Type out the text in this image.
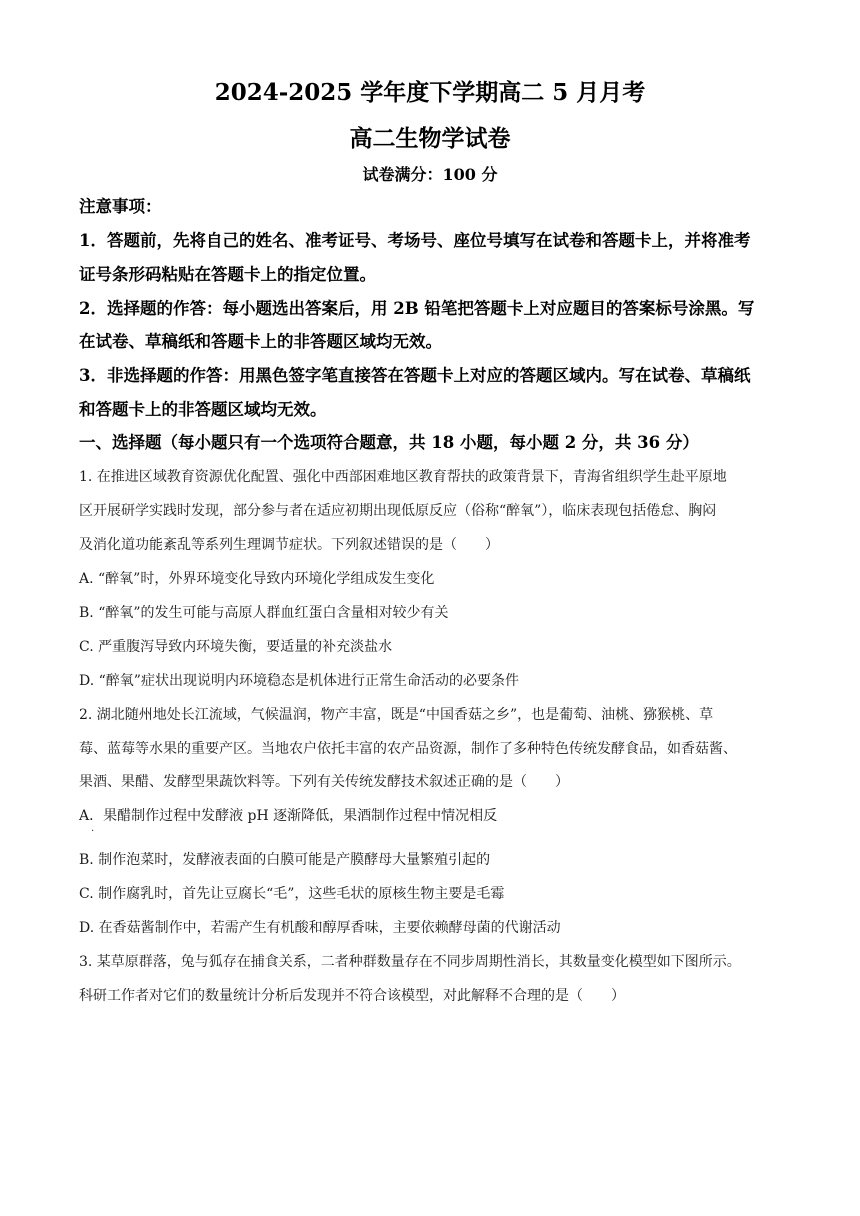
2024-2025 学年度下学期高二 5 月月考
高二生物学试卷
试卷满分：100 分
注意事项：
1．答题前，先将自己的姓名、准考证号、考场号、座位号填写在试卷和答题卡上，并将准考
证号条形码粘贴在答题卡上的指定位置。
2．选择题的作答：每小题选出答案后，用 2B 铅笔把答题卡上对应题目的答案标号涂黑。写
在试卷、草稿纸和答题卡上的非答题区域均无效。
3．非选择题的作答：用黑色签字笔直接答在答题卡上对应的答题区域内。写在试卷、草稿纸
和答题卡上的非答题区域均无效。
一、选择题（每小题只有一个选项符合题意，共 18 小题，每小题 2 分，共 36 分）
1. 在推进区域教育资源优化配置、强化中西部困难地区教育帮扶的政策背景下，青海省组织学生赴平原地
区开展研学实践时发现，部分参与者在适应初期出现低原反应（俗称“醉氧”），临床表现包括倦怠、胸闷
及消化道功能紊乱等系列生理调节症状。下列叙述错误的是（　　）
A. “醉氧”时，外界环境变化导致内环境化学组成发生变化
B. “醉氧”的发生可能与高原人群血红蛋白含量相对较少有关
C. 严重腹泻导致内环境失衡，要适量的补充淡盐水
D. “醉氧”症状出现说明内环境稳态是机体进行正常生命活动的必要条件
2. 湖北随州地处长江流域，气候温润，物产丰富，既是“中国香菇之乡”，也是葡萄、油桃、猕猴桃、草
莓、蓝莓等水果的重要产区。当地农户依托丰富的农产品资源，制作了多种特色传统发酵食品，如香菇酱、
果酒、果醋、发酵型果蔬饮料等。下列有关传统发酵技术叙述正确的是（　　）
A．果醋制作过程中发酵液 pH 逐渐降低，果酒制作过程中情况相反
·
B. 制作泡菜时，发酵液表面的白膜可能是产膜酵母大量繁殖引起的
C. 制作腐乳时，首先让豆腐长“毛”，这些毛状的原核生物主要是毛霉
D. 在香菇酱制作中，若需产生有机酸和醇厚香味，主要依赖酵母菌的代谢活动
3. 某草原群落，兔与狐存在捕食关系，二者种群数量存在不同步周期性消长，其数量变化模型如下图所示。
科研工作者对它们的数量统计分析后发现并不符合该模型，对此解释不合理的是（　　）
